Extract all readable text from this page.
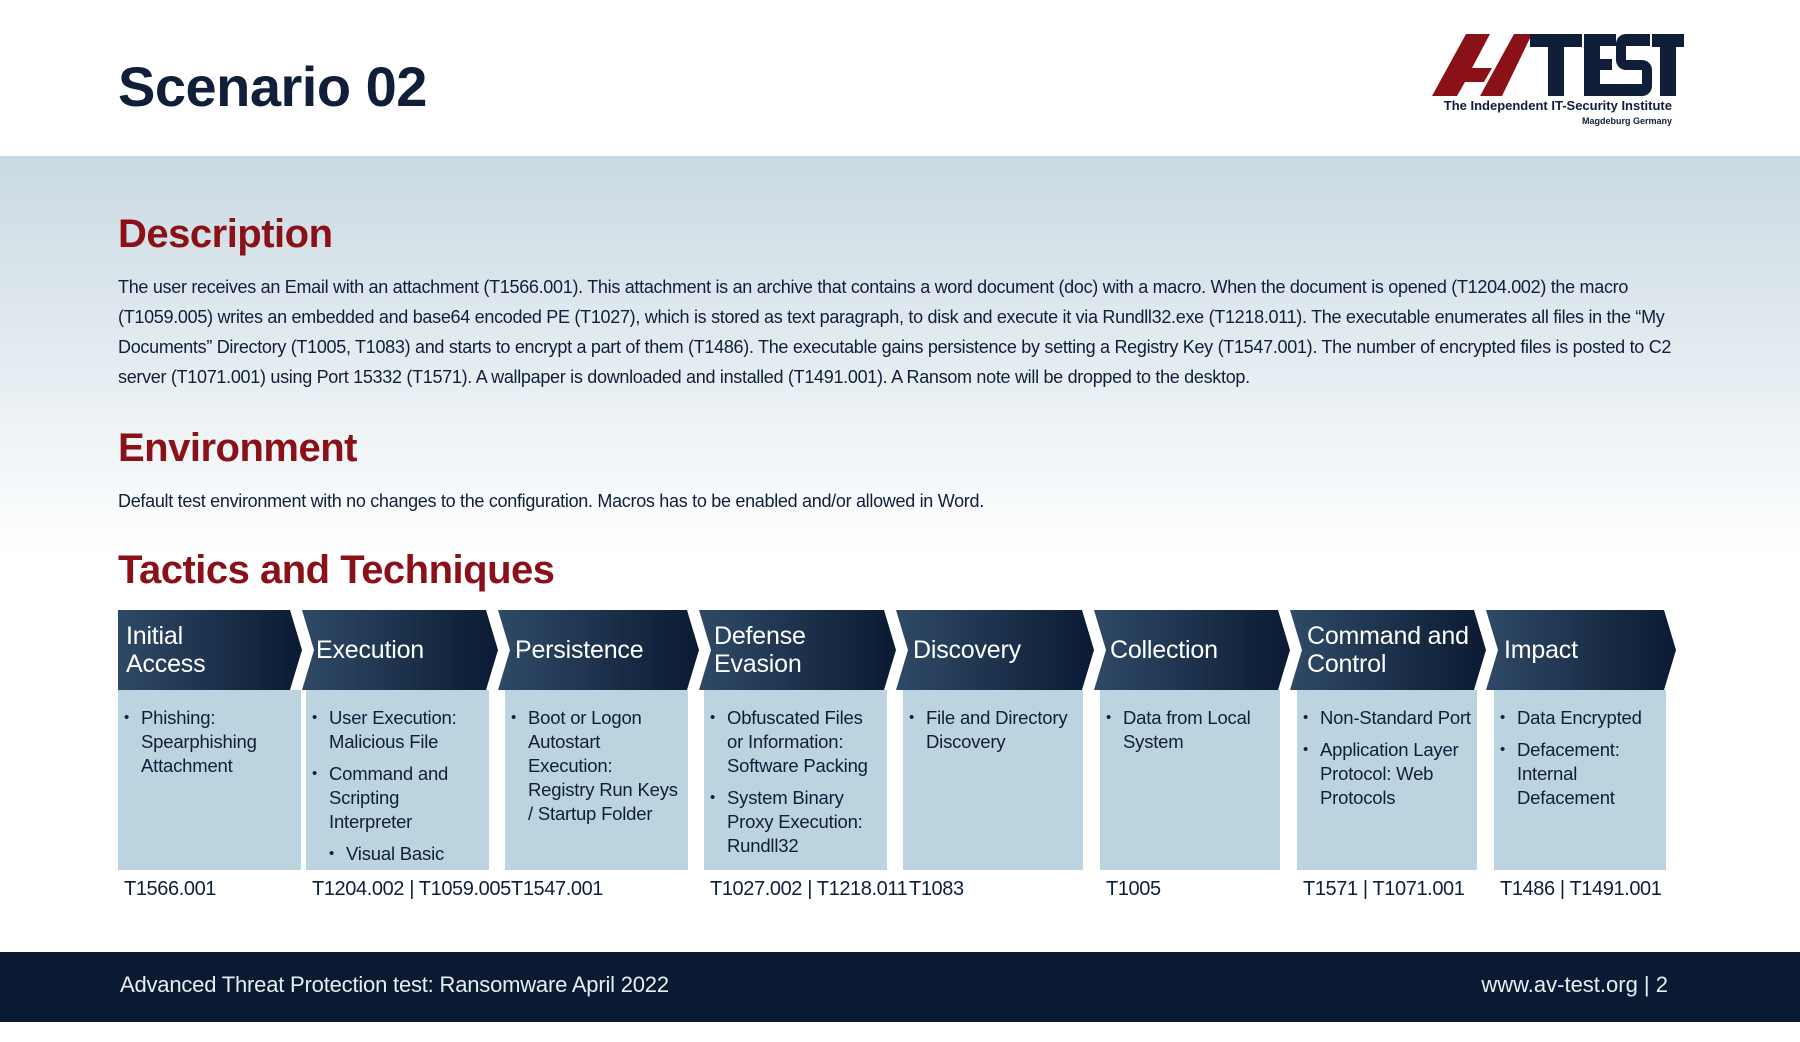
Scenario 02	The Independent IT-Security Institute
Magdeburg Germany
Description

The user receives an Email with an attachment (T1566.001). This attachment is an archive that contains a word document (doc) with a macro. When the document is opened (T1204.002) the macro (T1059.005) writes an embedded and base64 encoded PE (T1027), which is stored as text paragraph, to disk and execute it via Rundll32.exe (T1218.011). The executable enumerates all files in the “My Documents” Directory (T1005, T1083) and starts to encrypt a part of them (T1486). The executable gains persistence by setting a Registry Key (T1547.001). The number of encrypted files is posted to C2 server (T1071.001) using Port 15332 (T1571). A wallpaper is downloaded and installed (T1491.001). A Ransom note will be dropped to the desktop.

Environment

Default test environment with no changes to the configuration. Macros has to be enabled and/or allowed in Word.

Tactics and Techniques
Initial
Access
• Phishing: Spearphishing Attachment
T1566.001
Execution
• User Execution: Malicious File
• Command and Scripting Interpreter
• Visual Basic
T1204.002 | T1059.005
Persistence
• Boot or Logon Autostart Execution: Registry Run Keys / Startup Folder
T1547.001
Defense
Evasion
• Obfuscated Files or Information: Software Packing
• System Binary Proxy Execution: Rundll32
T1027.002 | T1218.011
Discovery
• File and Directory Discovery
T1083
Collection
• Data from Local System
T1005
Command and
Control
• Non-Standard Port
• Application Layer Protocol: Web Protocols
T1571 | T1071.001
Impact
• Data Encrypted
• Defacement: Internal Defacement
T1486 | T1491.001
Advanced Threat Protection test: Ransomware April 2022	www.av-test.org | 2
